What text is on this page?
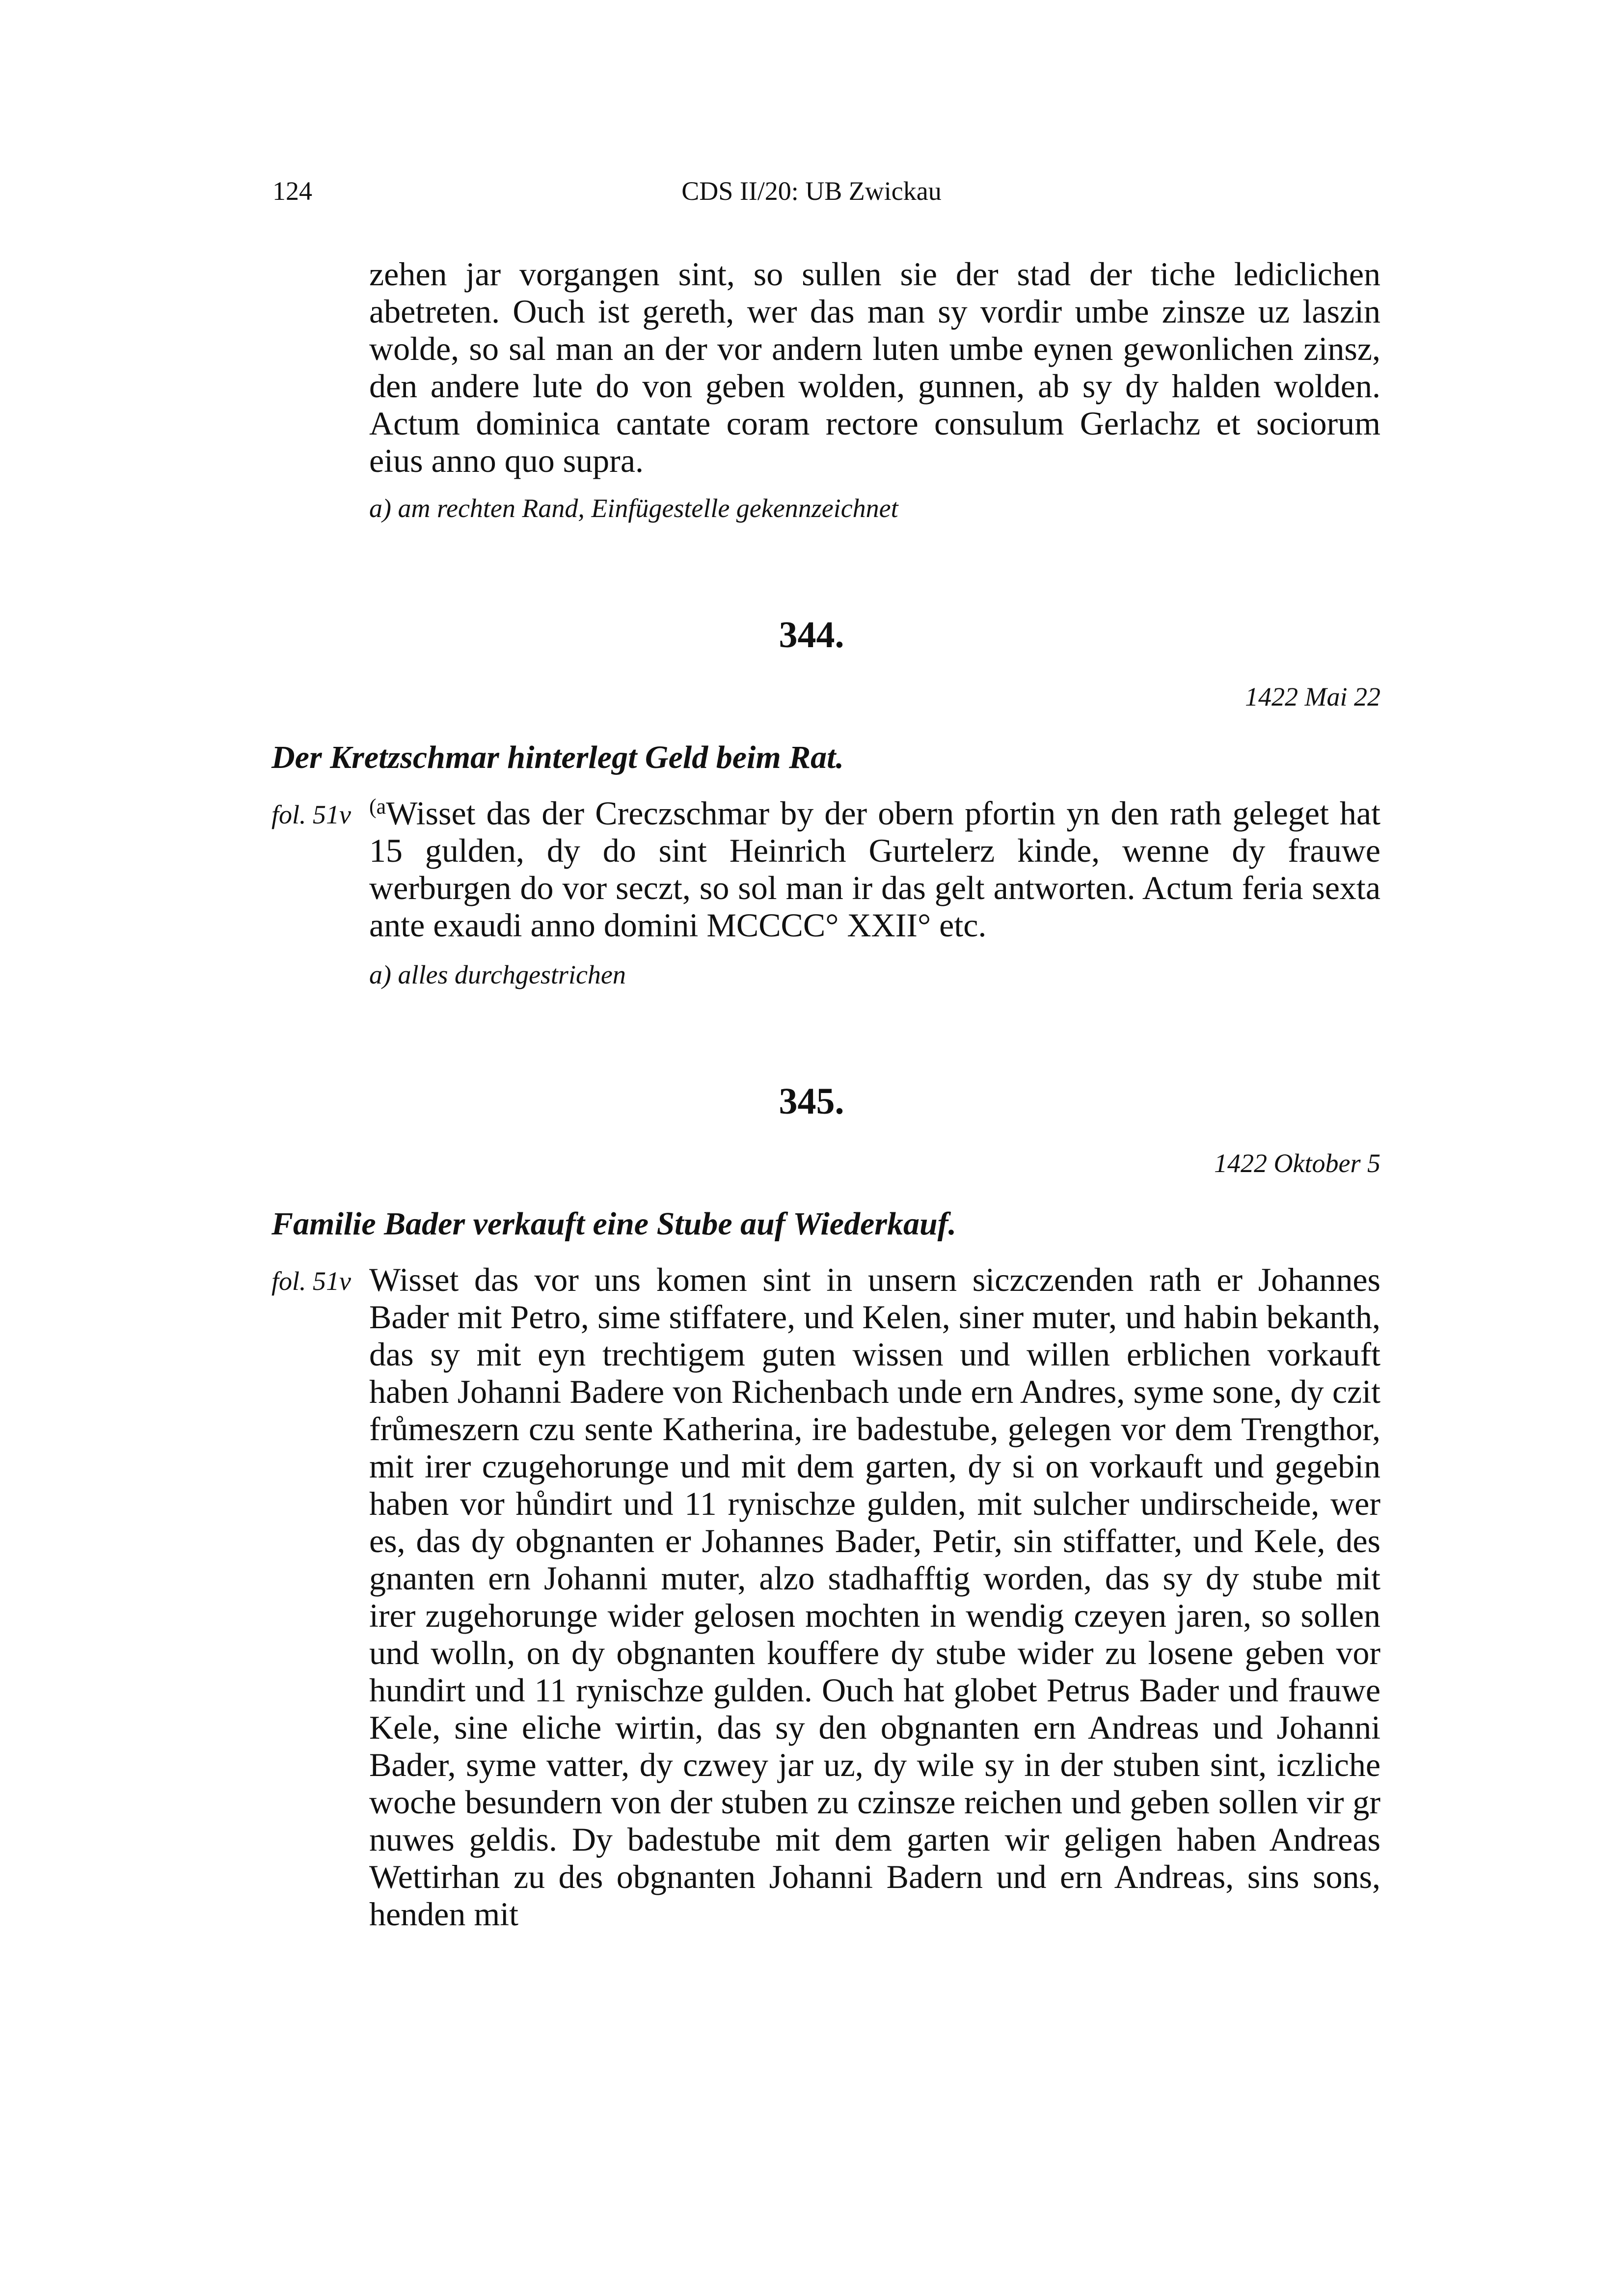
124	CDS II/20: UB Zwickau

zehen jar vorgangen sint, so sullen sie der stad der tiche lediclichen abetreten. Ouch ist gereth, wer das man sy vordir umbe zinsze uz laszin wolde, so sal man an der vor andern luten umbe eynen gewonlichen zinsz, den andere lute do von geben wolden, gunnen, ab sy dy halden wolden. Actum dominica cantate coram rectore consulum Gerlachz et sociorum eius anno quo supra.

a) am rechten Rand, Einfügestelle gekennzeichnet
344.
1422 Mai 22
Der Kretzschmar hinterlegt Geld beim Rat.
fol. 51v $^{(a}$Wisset das der Creczschmar by der obern pfortin yn den rath geleget hat 15 gulden, dy do sint Heinrich Gurtelerz kinde, wenne dy frauwe werburgen do vor seczt, so sol man ir das gelt antworten. Actum feria sexta ante exaudi anno domini MCCCC° XXII° etc.

a) alles durchgestrichen
345.
1422 Oktober 5
Familie Bader verkauft eine Stube auf Wiederkauf.
fol. 51v Wisset das vor uns komen sint in unsern siczczenden rath er Johannes Bader mit Petro, sime stiffatere, und Kelen, siner muter, und habin bekanth, das sy mit eyn trechtigem guten wissen und willen erblichen vorkauft haben Johanni Badere von Richenbach unde ern Andres, syme sone, dy czit frůmeszern czu sente Katherina, ire badestube, gelegen vor dem Trengthor, mit irer czugehorunge und mit dem garten, dy si on vorkauft und gegebin haben vor hůndirt und 11 rynischze gulden, mit sulcher undirscheide, wer es, das dy obgnanten er Johannes Bader, Petir, sin stiffatter, und Kele, des gnanten ern Johanni muter, alzo stadhafftig worden, das sy dy stube mit irer zugehorunge wider gelosen mochten in wendig czeyen jaren, so sollen und wolln, on dy obgnanten kouffere dy stube wider zu losene geben vor hundirt und 11 rynischze gulden. Ouch hat globet Petrus Bader und frauwe Kele, sine eliche wirtin, das sy den obgnanten ern Andreas und Johanni Bader, syme vatter, dy czwey jar uz, dy wile sy in der stuben sint, iczliche woche besundern von der stuben zu czinsze reichen und geben sollen vir gr nuwes geldis. Dy badestube mit dem garten wir geligen haben Andreas Wettirhan zu des obgnanten Johanni Badern und ern Andreas, sins sons, henden mit
